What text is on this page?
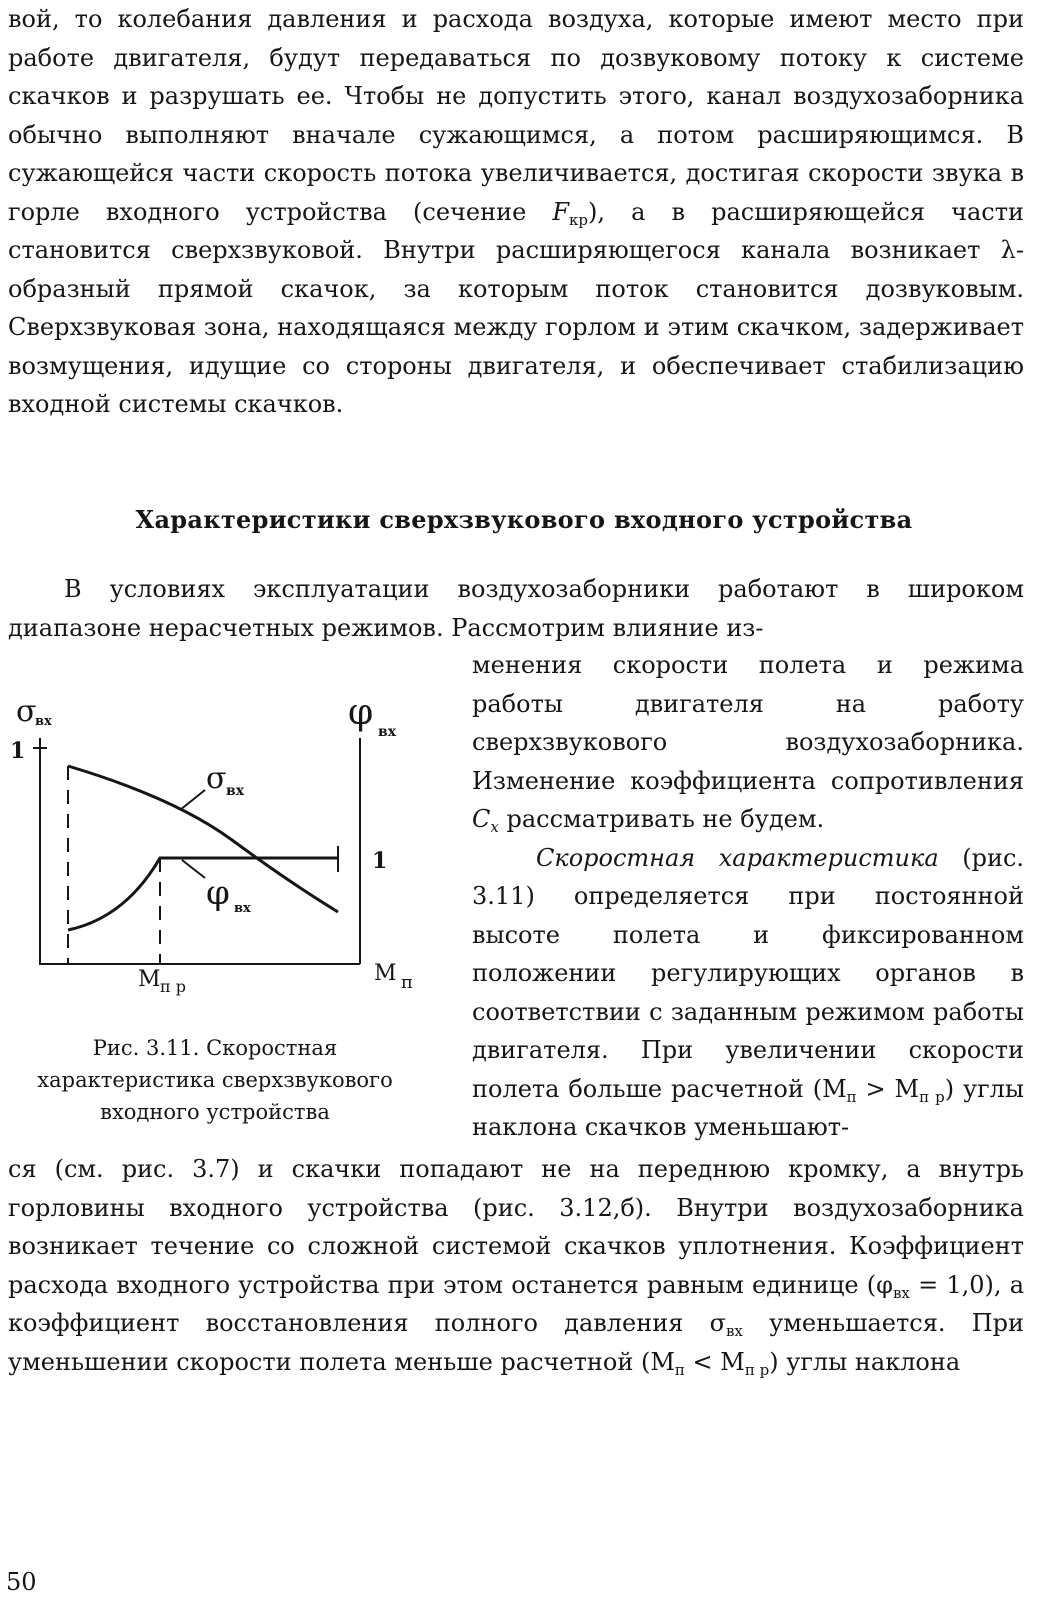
вой, то колебания давления и расхода воздуха, которые имеют место при работе двигателя, будут передаваться по дозвуковому потоку к системе скачков и разрушать ее. Чтобы не допустить этого, канал воздухозаборника обычно выполняют вначале сужающимся, а потом расширяющимся. В сужающейся части скорость потока увеличивается, достигая скорости звука в горле входного устройства (сечение $F_{кр}$), а в расширяющейся части становится сверхзвуковой. Внутри расширяющегося канала возникает λ-образный прямой скачок, за которым поток становится дозвуковым. Сверхзвуковая зона, находящаяся между горлом и этим скачком, задерживает возмущения, идущие со стороны двигателя, и обеспечивает стабилизацию входной системы скачков.

Характеристики сверхзвукового входного устройства

В условиях эксплуатации воздухозаборники работают в широком диапазоне нерасчетных режимов. Рассмотрим влияние из-

менения скорости полета и режима работы двигателя на работу сверхзвукового воздухозаборника. Изменение коэффициента сопротивления $C_x$ рассматривать не будем.

Скоростная характеристика (рис. 3.11) определяется при постоянной высоте полета и фиксированном положении регулирующих органов в соответствии с заданным режимом работы двигателя. При увеличении скорости полета больше расчетной $(М_п > М_{п р})$ углы наклона скачков уменьшают-

σ
вх	φ вх
1
1
σ вх
φ вх
М п р
М п

Рис. 3.11. Скоростная характеристика сверхзвукового входного устройства

ся (см. рис. 3.7) и скачки попадают не на переднюю кромку, а внутрь горловины входного устройства (рис. 3.12,б). Внутри воздухозаборника возникает течение со сложной системой скачков уплотнения. Коэффициент расхода входного устройства при этом останется равным единице $(\varphi_{вх} = 1,0)$, а коэффициент восстановления полного давления $\sigma_{вх}$ уменьшается. При уменьшении скорости полета меньше расчетной $(М_п < М_{п р})$ углы наклона

50
